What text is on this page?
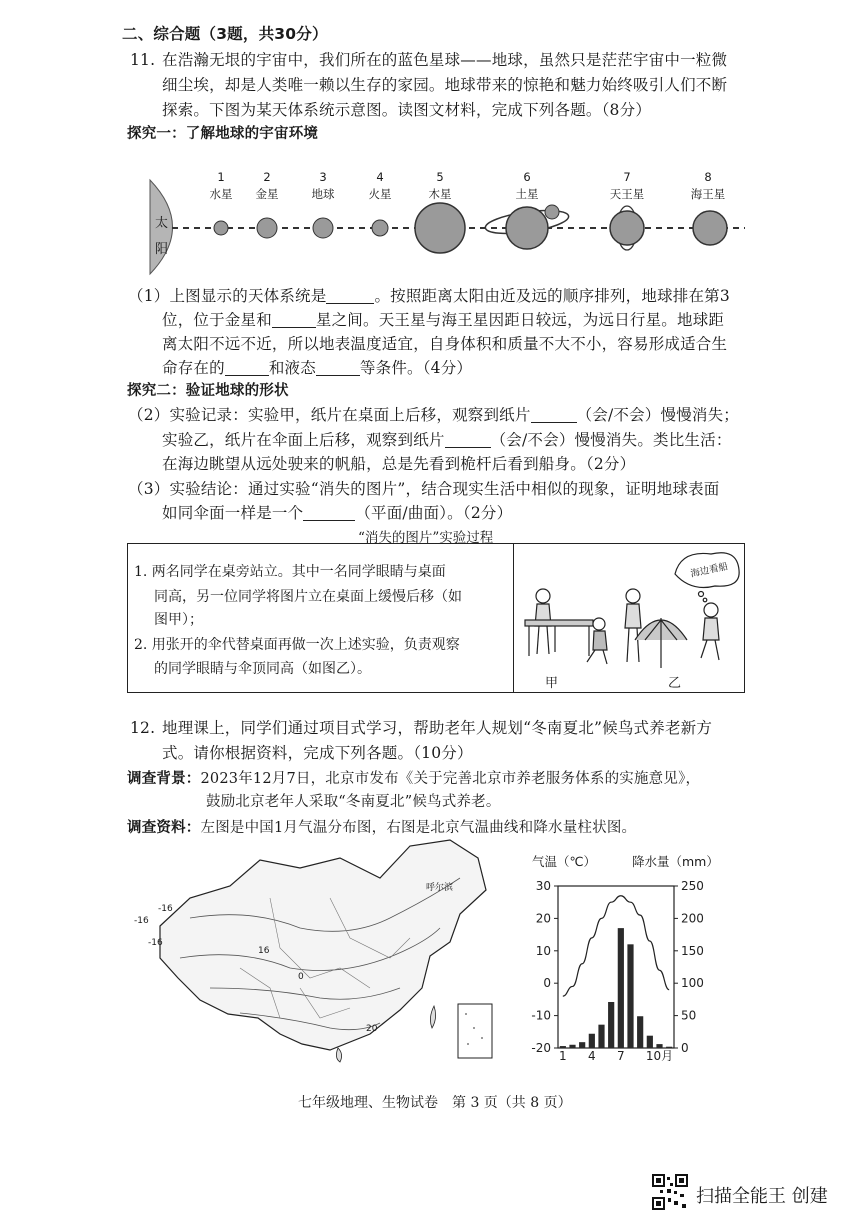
二、综合题（3题，共30分）
11. 在浩瀚无垠的宇宙中，我们所在的蓝色星球——地球，虽然只是茫茫宇宙中一粒微
细尘埃，却是人类唯一赖以生存的家园。地球带来的惊艳和魅力始终吸引人们不断
探索。下图为某天体系统示意图。读图文材料，完成下列各题。（8分）
探究一：了解地球的宇宙环境
太
阳
1
水星
2
金星
3
地球
4
火星
5
木星
6
土星
7
天王星
8
海王星
（1）上图显示的天体系统是	。按照距离太阳由近及远的顺序排列，地球排在第3
位，位于金星和	星之间。天王星与海王星因距日较远，为远日行星。地球距
离太阳不远不近，所以地表温度适宜，自身体积和质量不大不小，容易形成适合生
命存在的	和液态	等条件。（4分）
探究二：验证地球的形状
（2）实验记录：实验甲，纸片在桌面上后移，观察到纸片	（会/不会）慢慢消失；
实验乙，纸片在伞面上后移，观察到纸片	（会/不会）慢慢消失。类比生活：
在海边眺望从远处驶来的帆船，总是先看到桅杆后看到船身。（2分）
（3）实验结论：通过实验“消失的图片”，结合现实生活中相似的现象，证明地球表面
如同伞面一样是一个	（平面/曲面）。（2分）
“消失的图片”实验过程
1. 两名同学在桌旁站立。其中一名同学眼睛与桌面
同高，另一位同学将图片立在桌面上缓慢后移（如
图甲）；
2. 用张开的伞代替桌面再做一次上述实验，负责观察
的同学眼睛与伞顶同高（如图乙）。
海边看船
甲	乙
12. 地理课上，同学们通过项目式学习，帮助老年人规划“冬南夏北”候鸟式养老新方
式。请你根据资料，完成下列各题。（10分）
调查背景：2023年12月7日，北京市发布《关于完善北京市养老服务体系的实施意见》，
鼓励北京老年人采取“冬南夏北”候鸟式养老。
调查资料：左图是中国1月气温分布图，右图是北京气温曲线和降水量柱状图。
-16
-16
-16
0
16
20
呼尔滨
气温（℃）	降水量（mm）
30
20
10
0
-10
-20
250
200
150
100
50
0
1 4 7 10月
七年级地理、生物试卷　第 3 页（共 8 页）
扫描全能王 创建
